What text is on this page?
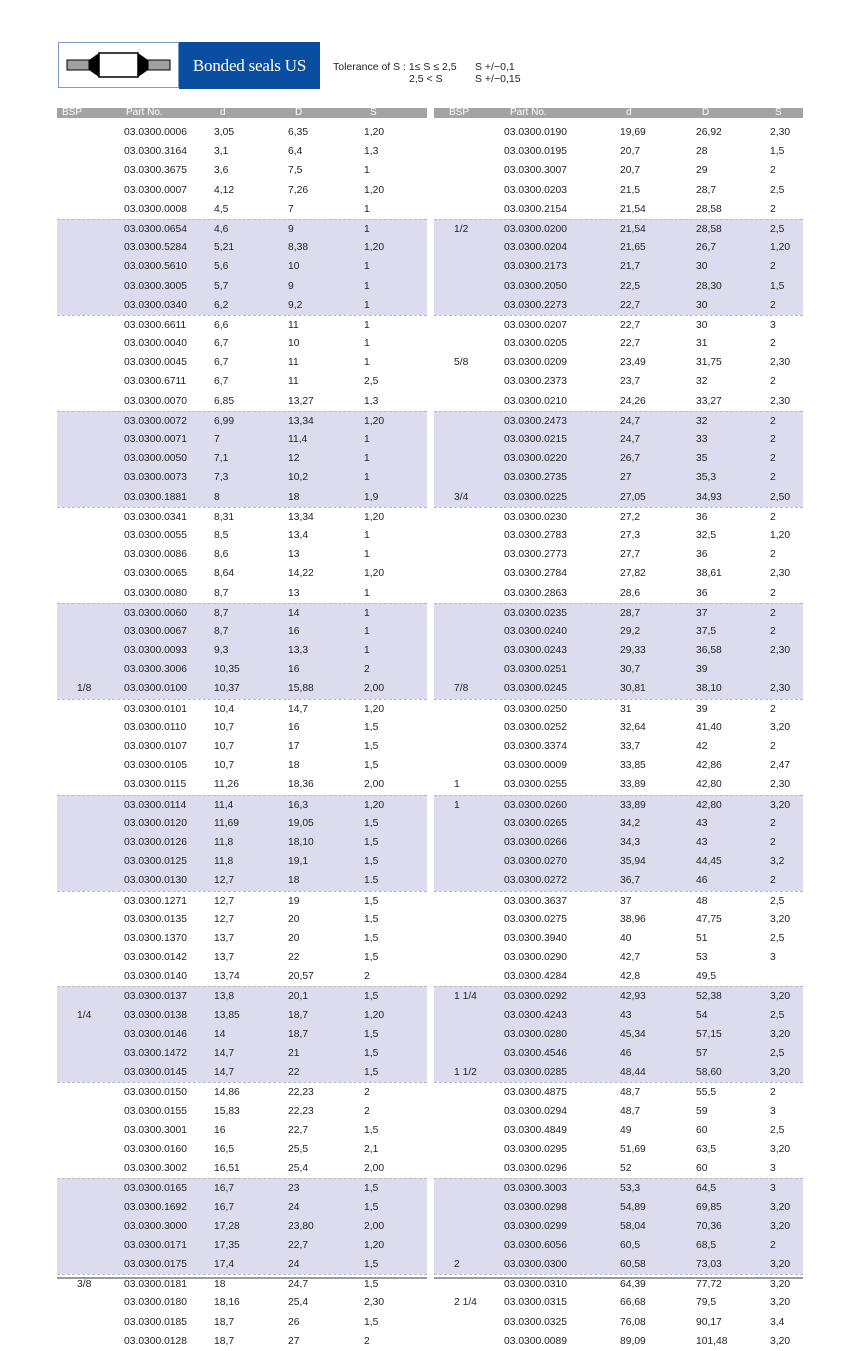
Bonded seals US	Tolerance of S : 1≤ S ≤ 2,5	S +/−0,1
2,5 < S	S +/−0,15
BSP	Part No.	d	D	S
03.0300.0006	3,05	6,35	1,20
03.0300.3164	3,1	6,4	1,3
03.0300.3675	3,6	7,5	1
03.0300.0007	4,12	7,26	1,20
03.0300.0008	4,5	7	1
03.0300.0654	4,6	9	1
03.0300.5284	5,21	8,38	1,20
03.0300.5610	5,6	10	1
03.0300.3005	5,7	9	1
03.0300.0340	6,2	9,2	1
03.0300.6611	6,6	11	1
03.0300.0040	6,7	10	1
03.0300.0045	6,7	11	1
03.0300.6711	6,7	11	2,5
03.0300.0070	6,85	13,27	1,3
03.0300.0072	6,99	13,34	1,20
03.0300.0071	7	11,4	1
03.0300.0050	7,1	12	1
03.0300.0073	7,3	10,2	1
03.0300.1881	8	18	1,9
03.0300.0341	8,31	13,34	1,20
03.0300.0055	8,5	13,4	1
03.0300.0086	8,6	13	1
03.0300.0065	8,64	14,22	1,20
03.0300.0080	8,7	13	1
03.0300.0060	8,7	14	1
03.0300.0067	8,7	16	1
03.0300.0093	9,3	13,3	1
03.0300.3006	10,35	16	2
1/8	03.0300.0100	10,37	15,88	2,00
03.0300.0101	10,4	14,7	1,20
03.0300.0110	10,7	16	1,5
03.0300.0107	10,7	17	1,5
03.0300.0105	10,7	18	1,5
03.0300.0115	11,26	18,36	2,00
03.0300.0114	11,4	16,3	1,20
03.0300.0120	11,69	19,05	1,5
03.0300.0126	11,8	18,10	1,5
03.0300.0125	11,8	19,1	1,5
03.0300.0130	12,7	18	1.5
03.0300.1271	12,7	19	1,5
03.0300.0135	12,7	20	1,5
03.0300.1370	13,7	20	1,5
03.0300.0142	13,7	22	1,5
03.0300.0140	13,74	20,57	2
03.0300.0137	13,8	20,1	1,5
1/4	03.0300.0138	13,85	18,7	1,20
03.0300.0146	14	18,7	1,5
03.0300.1472	14,7	21	1,5
03.0300.0145	14,7	22	1,5
03.0300.0150	14,86	22,23	2
03.0300.0155	15,83	22,23	2
03.0300.3001	16	22,7	1,5
03.0300.0160	16,5	25,5	2,1
03.0300.3002	16,51	25,4	2,00
03.0300.0165	16,7	23	1,5
03.0300.1692	16,7	24	1,5
03.0300.3000	17,28	23,80	2,00
03.0300.0171	17,35	22,7	1,20
03.0300.0175	17,4	24	1,5
3/8	03.0300.0181	18	24,7	1,5
03.0300.0180	18,16	25,4	2,30
03.0300.0185	18,7	26	1,5
03.0300.0128	18,7	27	2
BSP	Part No.	d	D	S
03.0300.0190	19,69	26,92	2,30
03.0300.0195	20,7	28	1,5
03.0300.3007	20,7	29	2
03.0300.0203	21,5	28,7	2,5
03.0300.2154	21,54	28,58	2
1/2	03.0300.0200	21,54	28,58	2,5
03.0300.0204	21,65	26,7	1,20
03.0300.2173	21,7	30	2
03.0300.2050	22,5	28,30	1,5
03.0300.2273	22,7	30	2
03.0300.0207	22,7	30	3
03.0300.0205	22,7	31	2
5/8	03.0300.0209	23,49	31,75	2,30
03.0300.2373	23,7	32	2
03.0300.0210	24,26	33,27	2,30
03.0300.2473	24,7	32	2
03.0300.0215	24,7	33	2
03.0300.0220	26,7	35	2
03.0300.2735	27	35,3	2
3/4	03.0300.0225	27,05	34,93	2,50
03.0300.0230	27,2	36	2
03.0300.2783	27,3	32,5	1,20
03.0300.2773	27,7	36	2
03.0300.2784	27,82	38,61	2,30
03.0300.2863	28,6	36	2
03.0300.0235	28,7	37	2
03.0300.0240	29,2	37,5	2
03.0300.0243	29,33	36,58	2,30
03.0300.0251	30,7	39
7/8	03.0300.0245	30,81	38,10	2,30
03.0300.0250	31	39	2
03.0300.0252	32,64	41,40	3,20
03.0300.3374	33,7	42	2
03.0300.0009	33,85	42,86	2,47
1	03.0300.0255	33,89	42,80	2,30
1	03.0300.0260	33,89	42,80	3,20
03.0300.0265	34,2	43	2
03.0300.0266	34,3	43	2
03.0300.0270	35,94	44,45	3,2
03.0300.0272	36,7	46	2
03.0300.3637	37	48	2,5
03.0300.0275	38,96	47,75	3,20
03.0300.3940	40	51	2,5
03.0300.0290	42,7	53	3
03.0300.4284	42,8	49,5
1 1/4	03.0300.0292	42,93	52,38	3,20
03.0300.4243	43	54	2,5
03.0300.0280	45,34	57,15	3,20
03.0300.4546	46	57	2,5
1 1/2	03.0300.0285	48,44	58,60	3,20
03.0300.4875	48,7	55,5	2
03.0300.0294	48,7	59	3
03.0300.4849	49	60	2,5
03.0300.0295	51,69	63,5	3,20
03.0300.0296	52	60	3
03.0300.3003	53,3	64,5	3
03.0300.0298	54,89	69,85	3,20
03.0300.0299	58,04	70,36	3,20
03.0300.6056	60,5	68,5	2
2	03.0300.0300	60,58	73,03	3,20
03.0300.0310	64,39	77,72	3,20
2 1/4	03.0300.0315	66,68	79,5	3,20
03.0300.0325	76,08	90,17	3,4
03.0300.0089	89,09	101,48	3,20
